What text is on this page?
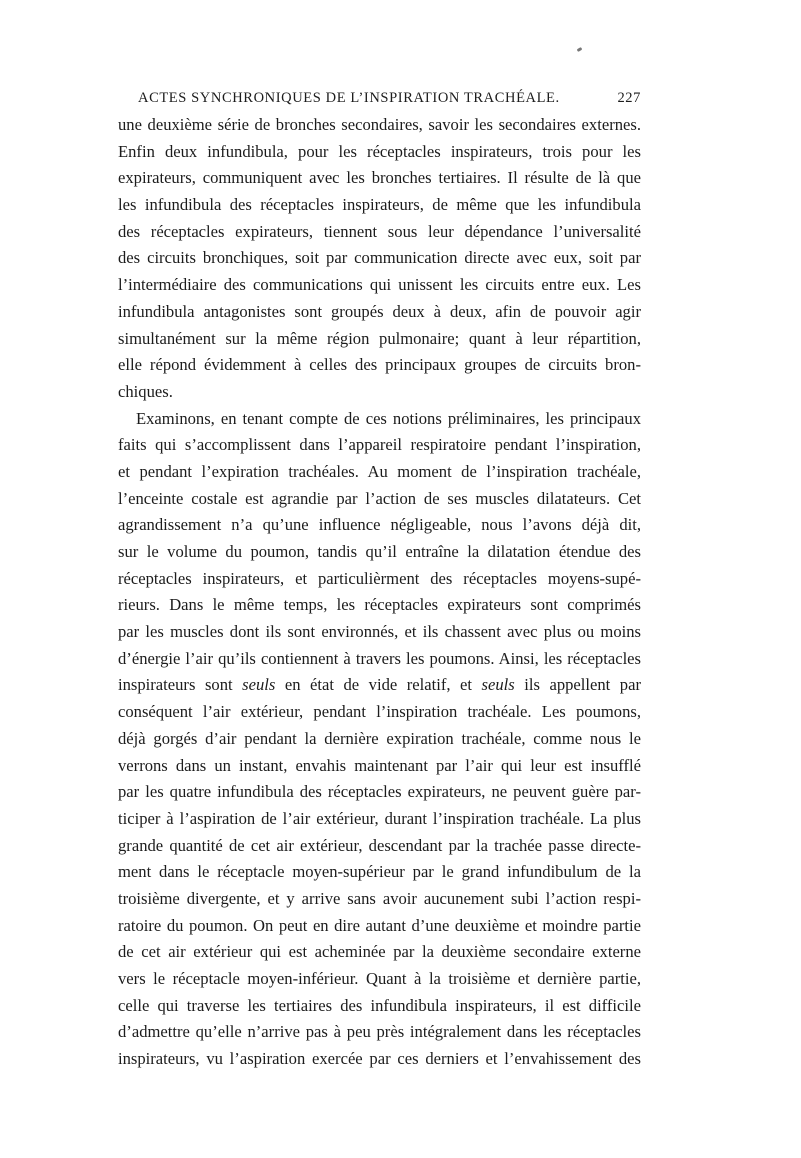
ACTES SYNCHRONIQUES DE L’INSPIRATION TRACHÉALE.	227
une deuxième série de bronches secondaires, savoir les secondaires externes.
Enfin deux infundibula, pour les réceptacles inspirateurs, trois pour les
expirateurs, communiquent avec les bronches tertiaires. Il résulte de là que
les infundibula des réceptacles inspirateurs, de même que les infundibula
des réceptacles expirateurs, tiennent sous leur dépendance l’universalité
des circuits bronchiques, soit par communication directe avec eux, soit par
l’intermédiaire des communications qui unissent les circuits entre eux. Les
infundibula antagonistes sont groupés deux à deux, afin de pouvoir agir
simultanément sur la même région pulmonaire; quant à leur répartition,
elle répond évidemment à celles des principaux groupes de circuits bron-
chiques.
Examinons, en tenant compte de ces notions préliminaires, les principaux
faits qui s’accomplissent dans l’appareil respiratoire pendant l’inspiration,
et pendant l’expiration trachéales. Au moment de l’inspiration trachéale,
l’enceinte costale est agrandie par l’action de ses muscles dilatateurs. Cet
agrandissement n’a qu’une influence négligeable, nous l’avons déjà dit,
sur le volume du poumon, tandis qu’il entraîne la dilatation étendue des
réceptacles inspirateurs, et particulièrment des réceptacles moyens-supé-
rieurs. Dans le même temps, les réceptacles expirateurs sont comprimés
par les muscles dont ils sont environnés, et ils chassent avec plus ou moins
d’énergie l’air qu’ils contiennent à travers les poumons. Ainsi, les réceptacles
inspirateurs sont seuls en état de vide relatif, et seuls ils appellent par
conséquent l’air extérieur, pendant l’inspiration trachéale. Les poumons,
déjà gorgés d’air pendant la dernière expiration trachéale, comme nous le
verrons dans un instant, envahis maintenant par l’air qui leur est insufflé
par les quatre infundibula des réceptacles expirateurs, ne peuvent guère par-
ticiper à l’aspiration de l’air extérieur, durant l’inspiration trachéale. La plus
grande quantité de cet air extérieur, descendant par la trachée passe directe-
ment dans le réceptacle moyen-supérieur par le grand infundibulum de la
troisième divergente, et y arrive sans avoir aucunement subi l’action respi-
ratoire du poumon. On peut en dire autant d’une deuxième et moindre partie
de cet air extérieur qui est acheminée par la deuxième secondaire externe
vers le réceptacle moyen-inférieur. Quant à la troisième et dernière partie,
celle qui traverse les tertiaires des infundibula inspirateurs, il est difficile
d’admettre qu’elle n’arrive pas à peu près intégralement dans les réceptacles
inspirateurs, vu l’aspiration exercée par ces derniers et l’envahissement des
